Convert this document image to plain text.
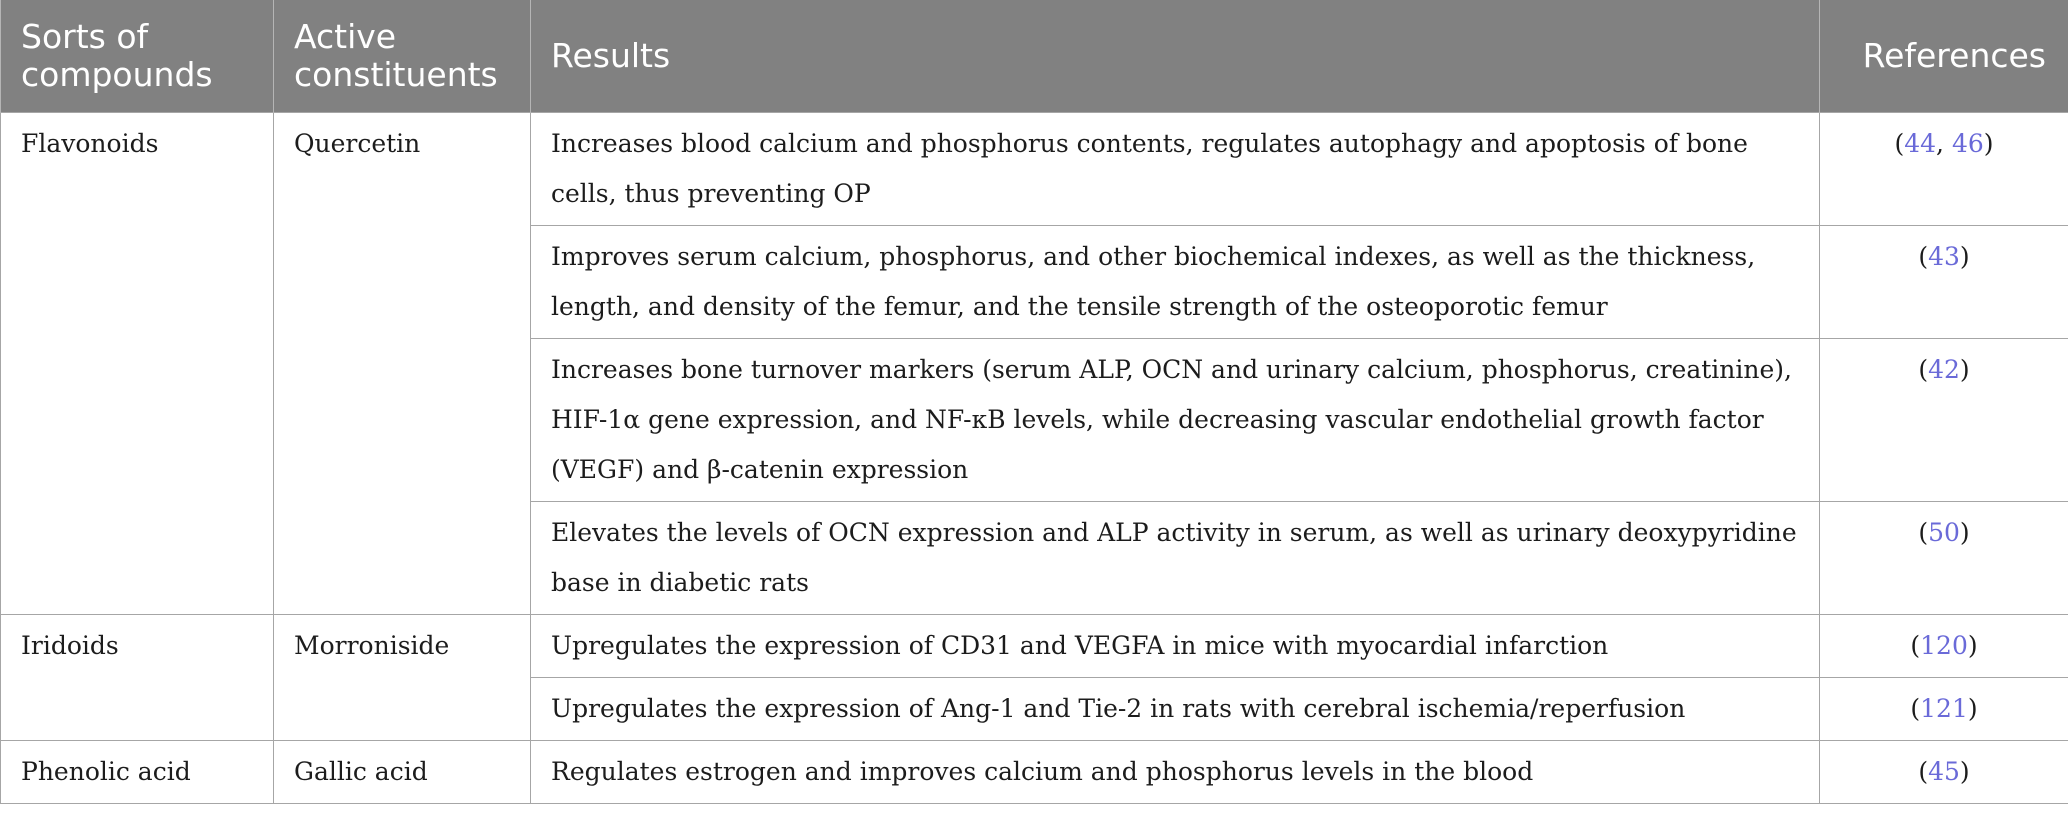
Sorts of compounds	Active constituents	Results	References
Flavonoids	Quercetin	Increases blood calcium and phosphorus contents, regulates autophagy and apoptosis of bone cells, thus preventing OP	(44, 46)
		Improves serum calcium, phosphorus, and other biochemical indexes, as well as the thickness, length, and density of the femur, and the tensile strength of the osteoporotic femur	(43)
		Increases bone turnover markers (serum ALP, OCN and urinary calcium, phosphorus, creatinine), HIF-1α gene expression, and NF-κB levels, while decreasing vascular endothelial growth factor (VEGF) and β-catenin expression	(42)
		Elevates the levels of OCN expression and ALP activity in serum, as well as urinary deoxypyridine base in diabetic rats	(50)
Iridoids	Morroniside	Upregulates the expression of CD31 and VEGFA in mice with myocardial infarction	(120)
		Upregulates the expression of Ang-1 and Tie-2 in rats with cerebral ischemia/reperfusion	(121)
Phenolic acid	Gallic acid	Regulates estrogen and improves calcium and phosphorus levels in the blood	(45)
